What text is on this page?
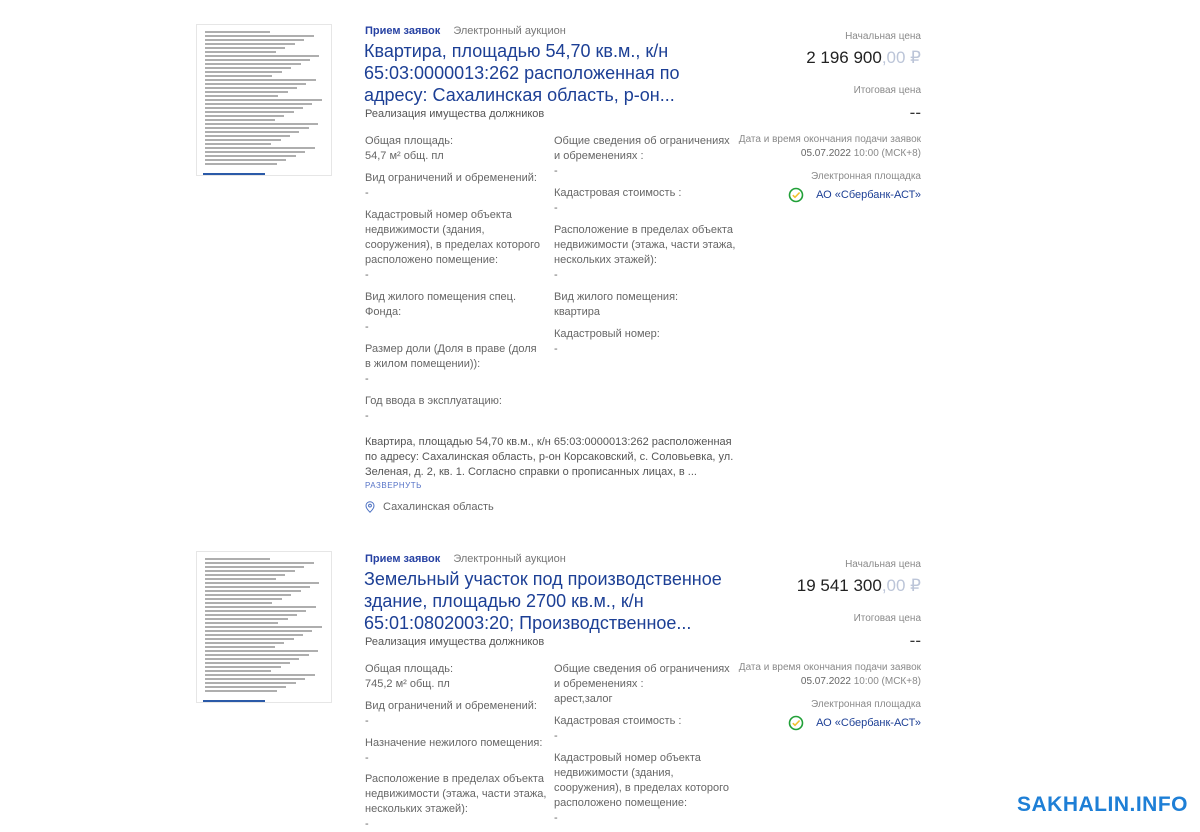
Прием заявок Электронный аукцион
Квартира, площадью 54,70 кв.м., к/н 65:03:0000013:262 расположенная по адресу: Сахалинская область, р-он...
Реализация имущества должников
Общая площадь:
54,7 м² общ. пл
Вид ограничений и обременений:
-
Кадастровый номер объекта недвижимости (здания, сооружения), в пределах которого расположено помещение:
-
Вид жилого помещения спец. Фонда:
-
Размер доли (Доля в праве (доля в жилом помещении)):
-
Год ввода в эксплуатацию:
-
Общие сведения об ограничениях и обременениях :
-
Кадастровая стоимость :
-
Расположение в пределах объекта недвижимости (этажа, части этажа, нескольких этажей):
-
Вид жилого помещения:
квартира
Кадастровый номер:
-
Квартира, площадью 54,70 кв.м., к/н 65:03:0000013:262 расположенная по адресу: Сахалинская область, р-он Корсаковский, с. Соловьевка, ул. Зеленая, д. 2, кв. 1. Согласно справки о прописанных лицах, в ...
РАЗВЕРНУТЬ
Сахалинская область
Начальная цена
2 196 900,00 ₽
Итоговая цена
--
Дата и время окончания подачи заявок
05.07.2022 10:00 (МСК+8)
Электронная площадка
АО «Сбербанк-АСТ»
Прием заявок Электронный аукцион
Земельный участок под производственное здание, площадью 2700 кв.м., к/н 65:01:0802003:20; Производственное...
Реализация имущества должников
Общая площадь:
745,2 м² общ. пл
Вид ограничений и обременений:
-
Назначение нежилого помещения:
-
Расположение в пределах объекта недвижимости (этажа, части этажа, нескольких этажей):
-
Общие сведения об ограничениях и обременениях :
арест,залог
Кадастровая стоимость :
-
Кадастровый номер объекта недвижимости (здания, сооружения), в пределах которого расположено помещение:
-
Начальная цена
19 541 300,00 ₽
Итоговая цена
--
Дата и время окончания подачи заявок
05.07.2022 10:00 (МСК+8)
Электронная площадка
АО «Сбербанк-АСТ»
SAKHALIN.INFO
